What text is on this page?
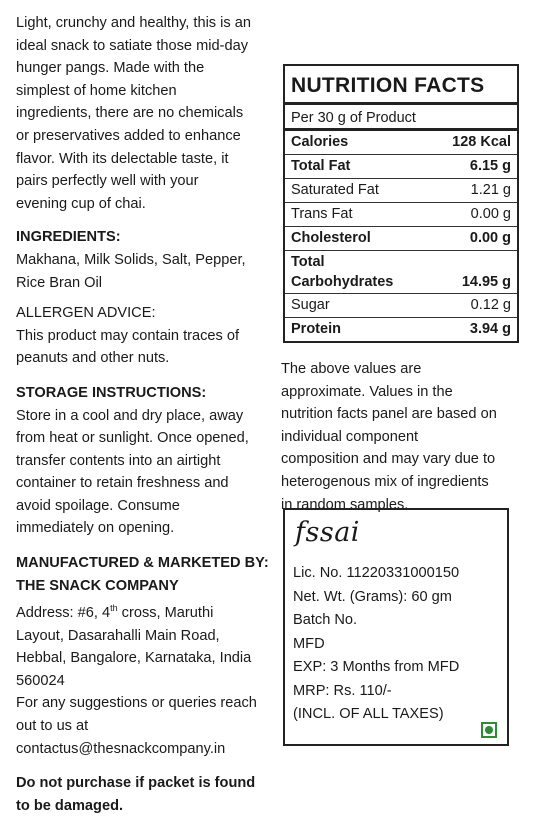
Light, crunchy and healthy, this is an

ideal snack to satiate those mid-day

hunger pangs. Made with the

simplest of home kitchen

ingredients, there are no chemicals

or preservatives added to enhance

flavor. With its delectable taste, it

pairs perfectly well with your

evening cup of chai.

INGREDIENTS:

Makhana, Milk Solids, Salt, Pepper,

Rice Bran Oil

ALLERGEN ADVICE:

This product may contain traces of

peanuts and other nuts.

STORAGE INSTRUCTIONS:

Store in a cool and dry place, away

from heat or sunlight. Once opened,

transfer contents into an airtight

container to retain freshness and

avoid spoilage. Consume

immediately on opening.

MANUFACTURED & MARKETED BY:

THE SNACK COMPANY

Address: #6, 4th cross, Maruthi

Layout, Dasarahalli Main Road,

Hebbal, Bangalore, Karnataka, India

560024

For any suggestions or queries reach

out to us at

contactus@thesnackcompany.in

Do not purchase if packet is found

to be damaged.

NUTRITION FACTS
Per 30 g of Product
Calories	128 Kcal
Total Fat	6.15 g
Saturated Fat	1.21 g
Trans Fat	0.00 g
Cholesterol	0.00 g
Total
Carbohydrates	14.95 g
Sugar	0.12 g
Protein	3.94 g

The above values are

approximate. Values in the

nutrition facts panel are based on

individual component

composition and may vary due to

heterogenous mix of ingredients

in random samples.

fssai

Lic. No. 11220331000150

Net. Wt. (Grams): 60 gm

Batch No.

MFD

EXP: 3 Months from MFD

MRP: Rs. 110/-

(INCL. OF ALL TAXES)
